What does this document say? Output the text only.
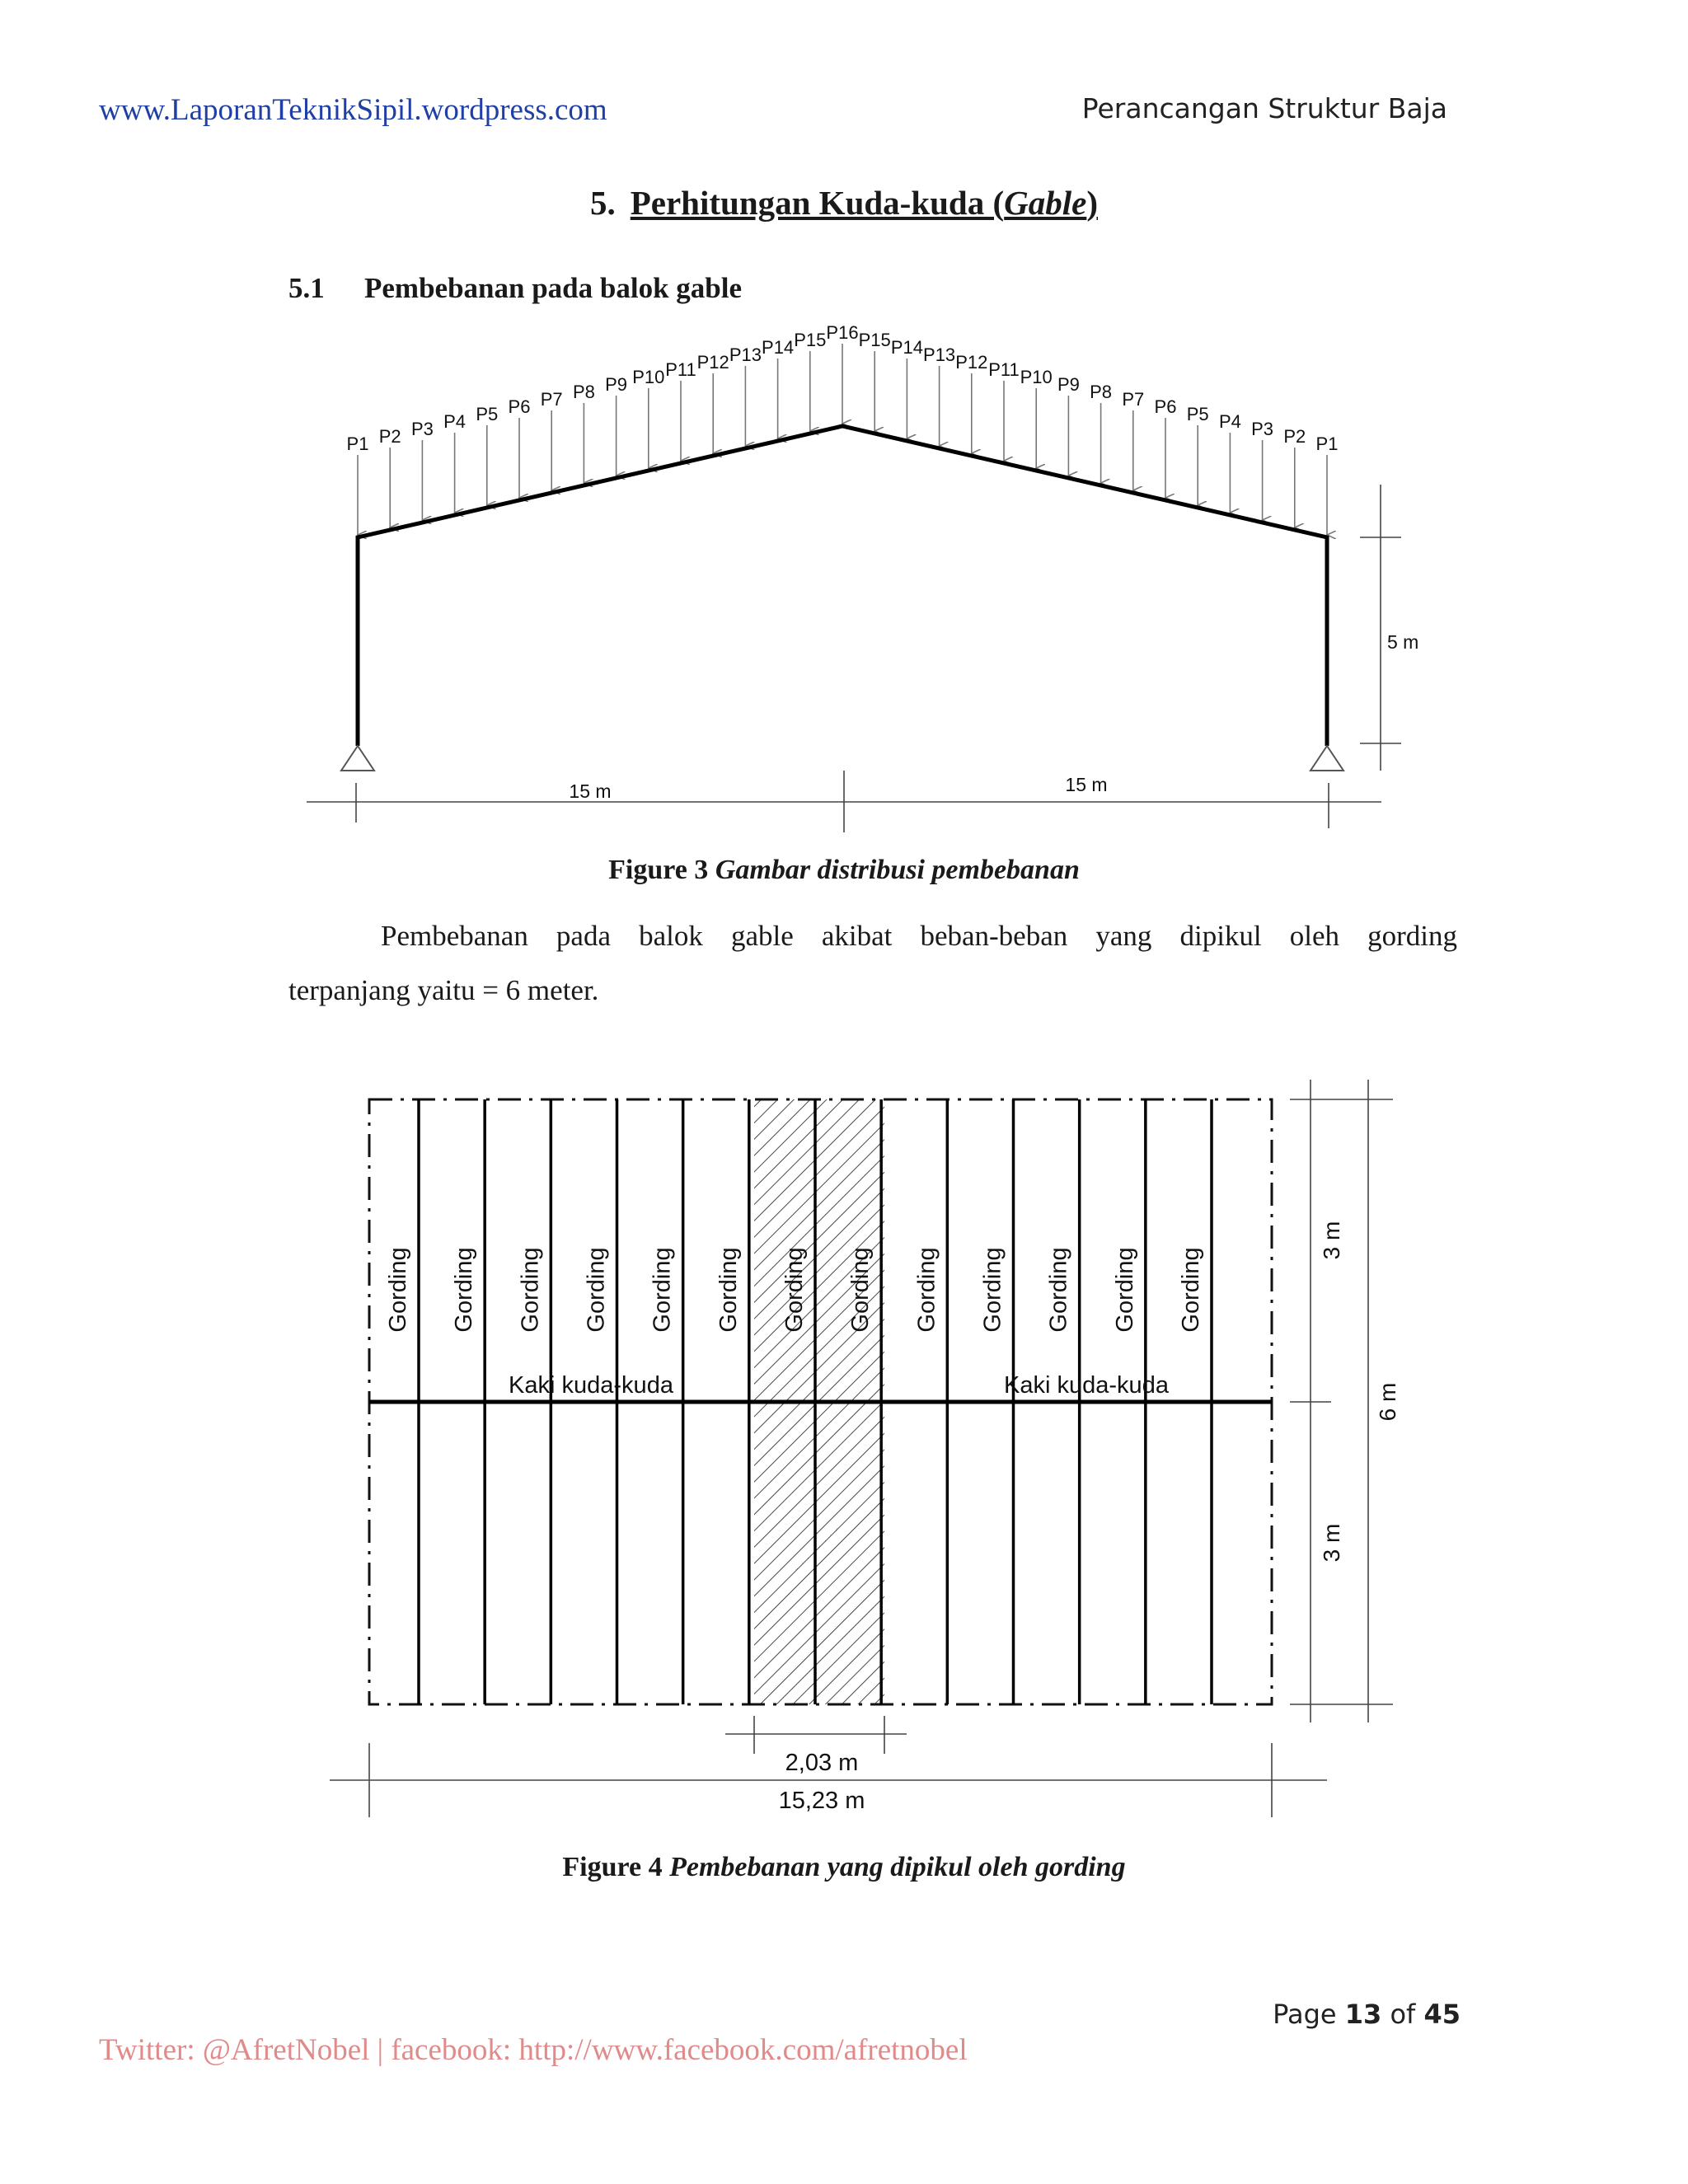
www.LaporanTeknikSipil.wordpress.com	Perancangan Struktur Baja
5. Perhitungan Kuda-kuda (Gable)
5.1 Pembebanan pada balok gable
P1 P2 P3 P4 P5 P6 P7 P8 P9 P10 P11 P12 P13 P14 P15 P16 P15 P14 P13 P12 P11 P10 P9 P8 P7 P6 P5 P4 P3 P2 P1
5 m
15 m	15 m
Figure 3 Gambar distribusi pembebanan
Pembebanan pada balok gable akibat beban-beban yang dipikul oleh gording
terpanjang yaitu = 6 meter.
Gording Gording Gording Gording Gording Gording Gording Gording Gording Gording Gording Gording Gording
Kaki kuda-kuda	Kaki kuda-kuda
3 m
3 m
6 m
2,03 m
15,23 m
Figure 4 Pembebanan yang dipikul oleh gording
Page 13 of 45
Twitter: @AfretNobel | facebook: http://www.facebook.com/afretnobel
